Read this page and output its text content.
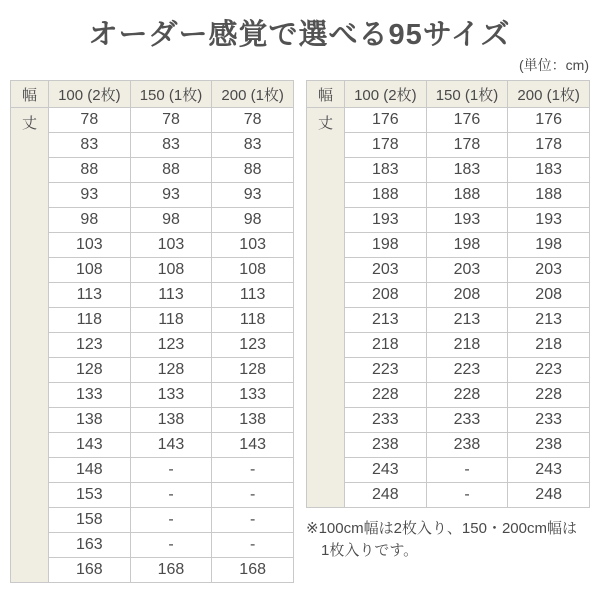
オーダー感覚で選べる95サイズ
(単位：cm)
幅	100 (2枚)	150 (1枚)	200 (1枚)
丈	78	78	78
	83	83	83
	88	88	88
	93	93	93
	98	98	98
	103	103	103
	108	108	108
	113	113	113
	118	118	118
	123	123	123
	128	128	128
	133	133	133
	138	138	138
	143	143	143
	148	-	-
	153	-	-
	158	-	-
	163	-	-
	168	168	168
幅	100 (2枚)	150 (1枚)	200 (1枚)
丈	176	176	176
	178	178	178
	183	183	183
	188	188	188
	193	193	193
	198	198	198
	203	203	203
	208	208	208
	213	213	213
	218	218	218
	223	223	223
	228	228	228
	233	233	233
	238	238	238
	243	-	243
	248	-	248
※100cm幅は2枚入り、150・200cm幅は
1枚入りです。
